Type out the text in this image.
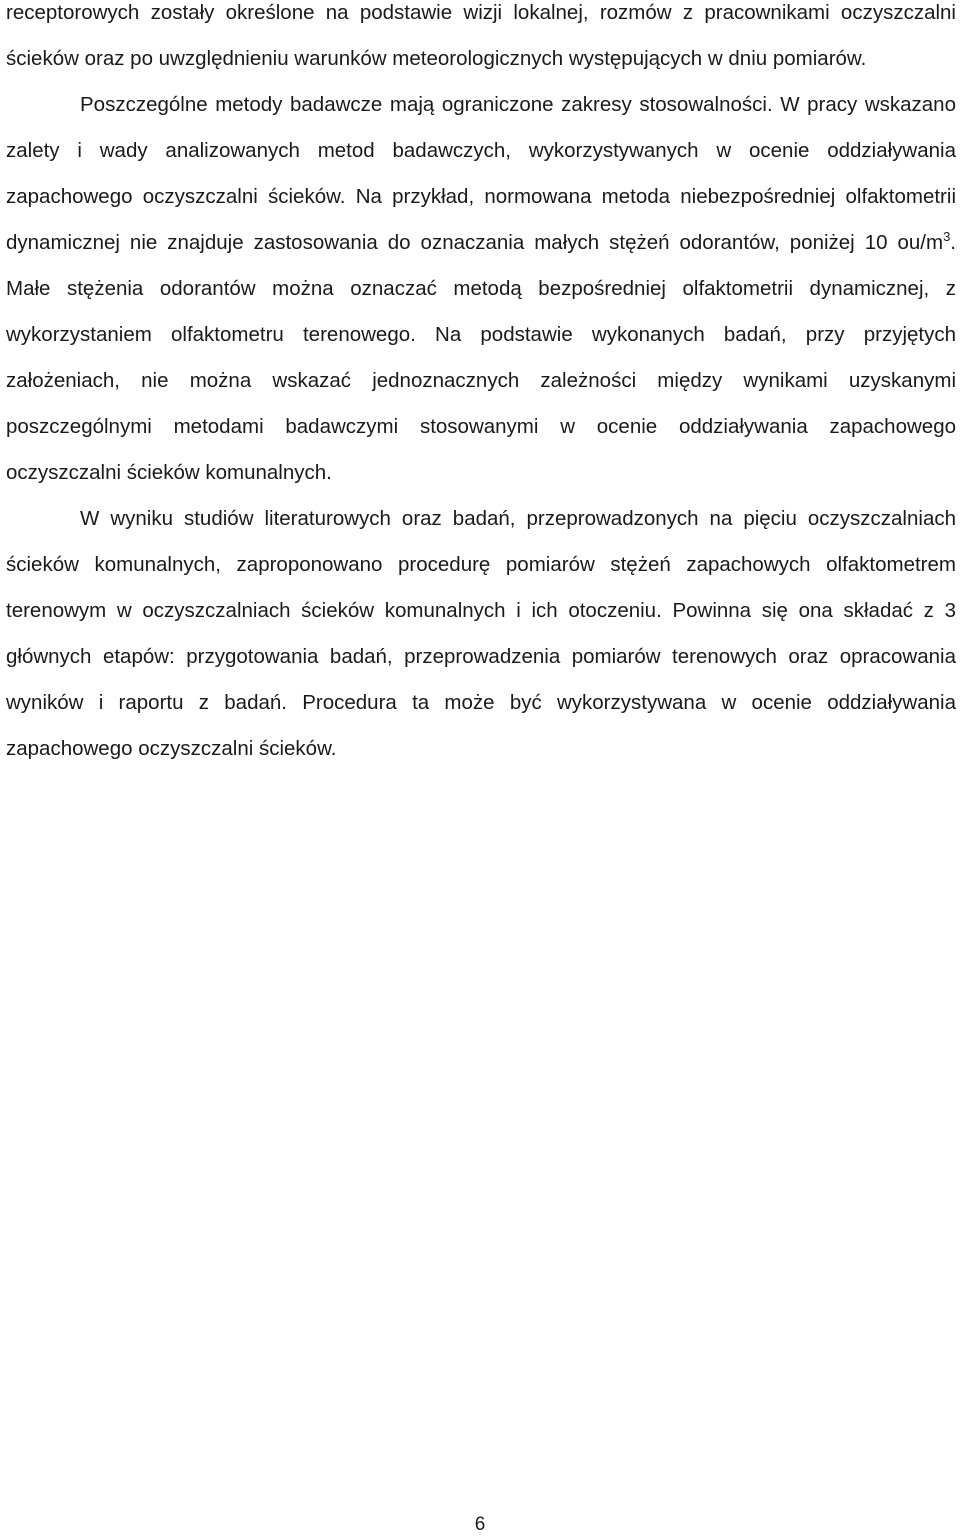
receptorowych zostały określone na podstawie wizji lokalnej, rozmów z pracownikami oczyszczalni ścieków oraz po uwzględnieniu warunków meteorologicznych występujących w dniu pomiarów.

Poszczególne metody badawcze mają ograniczone zakresy stosowalności. W pracy wskazano zalety i wady analizowanych metod badawczych, wykorzystywanych w ocenie oddziaływania zapachowego oczyszczalni ścieków. Na przykład, normowana metoda niebezpośredniej olfaktometrii dynamicznej nie znajduje zastosowania do oznaczania małych stężeń odorantów, poniżej 10 $ou/m^3$. Małe stężenia odorantów można oznaczać metodą bezpośredniej olfaktometrii dynamicznej, z wykorzystaniem olfaktometru terenowego. Na podstawie wykonanych badań, przy przyjętych założeniach, nie można wskazać jednoznacznych zależności między wynikami uzyskanymi poszczególnymi metodami badawczymi stosowanymi w ocenie oddziaływania zapachowego oczyszczalni ścieków komunalnych.

W wyniku studiów literaturowych oraz badań, przeprowadzonych na pięciu oczyszczalniach ścieków komunalnych, zaproponowano procedurę pomiarów stężeń zapachowych olfaktometrem terenowym w oczyszczalniach ścieków komunalnych i ich otoczeniu. Powinna się ona składać z 3 głównych etapów: przygotowania badań, przeprowadzenia pomiarów terenowych oraz opracowania wyników i raportu z badań. Procedura ta może być wykorzystywana w ocenie oddziaływania zapachowego oczyszczalni ścieków.

6
